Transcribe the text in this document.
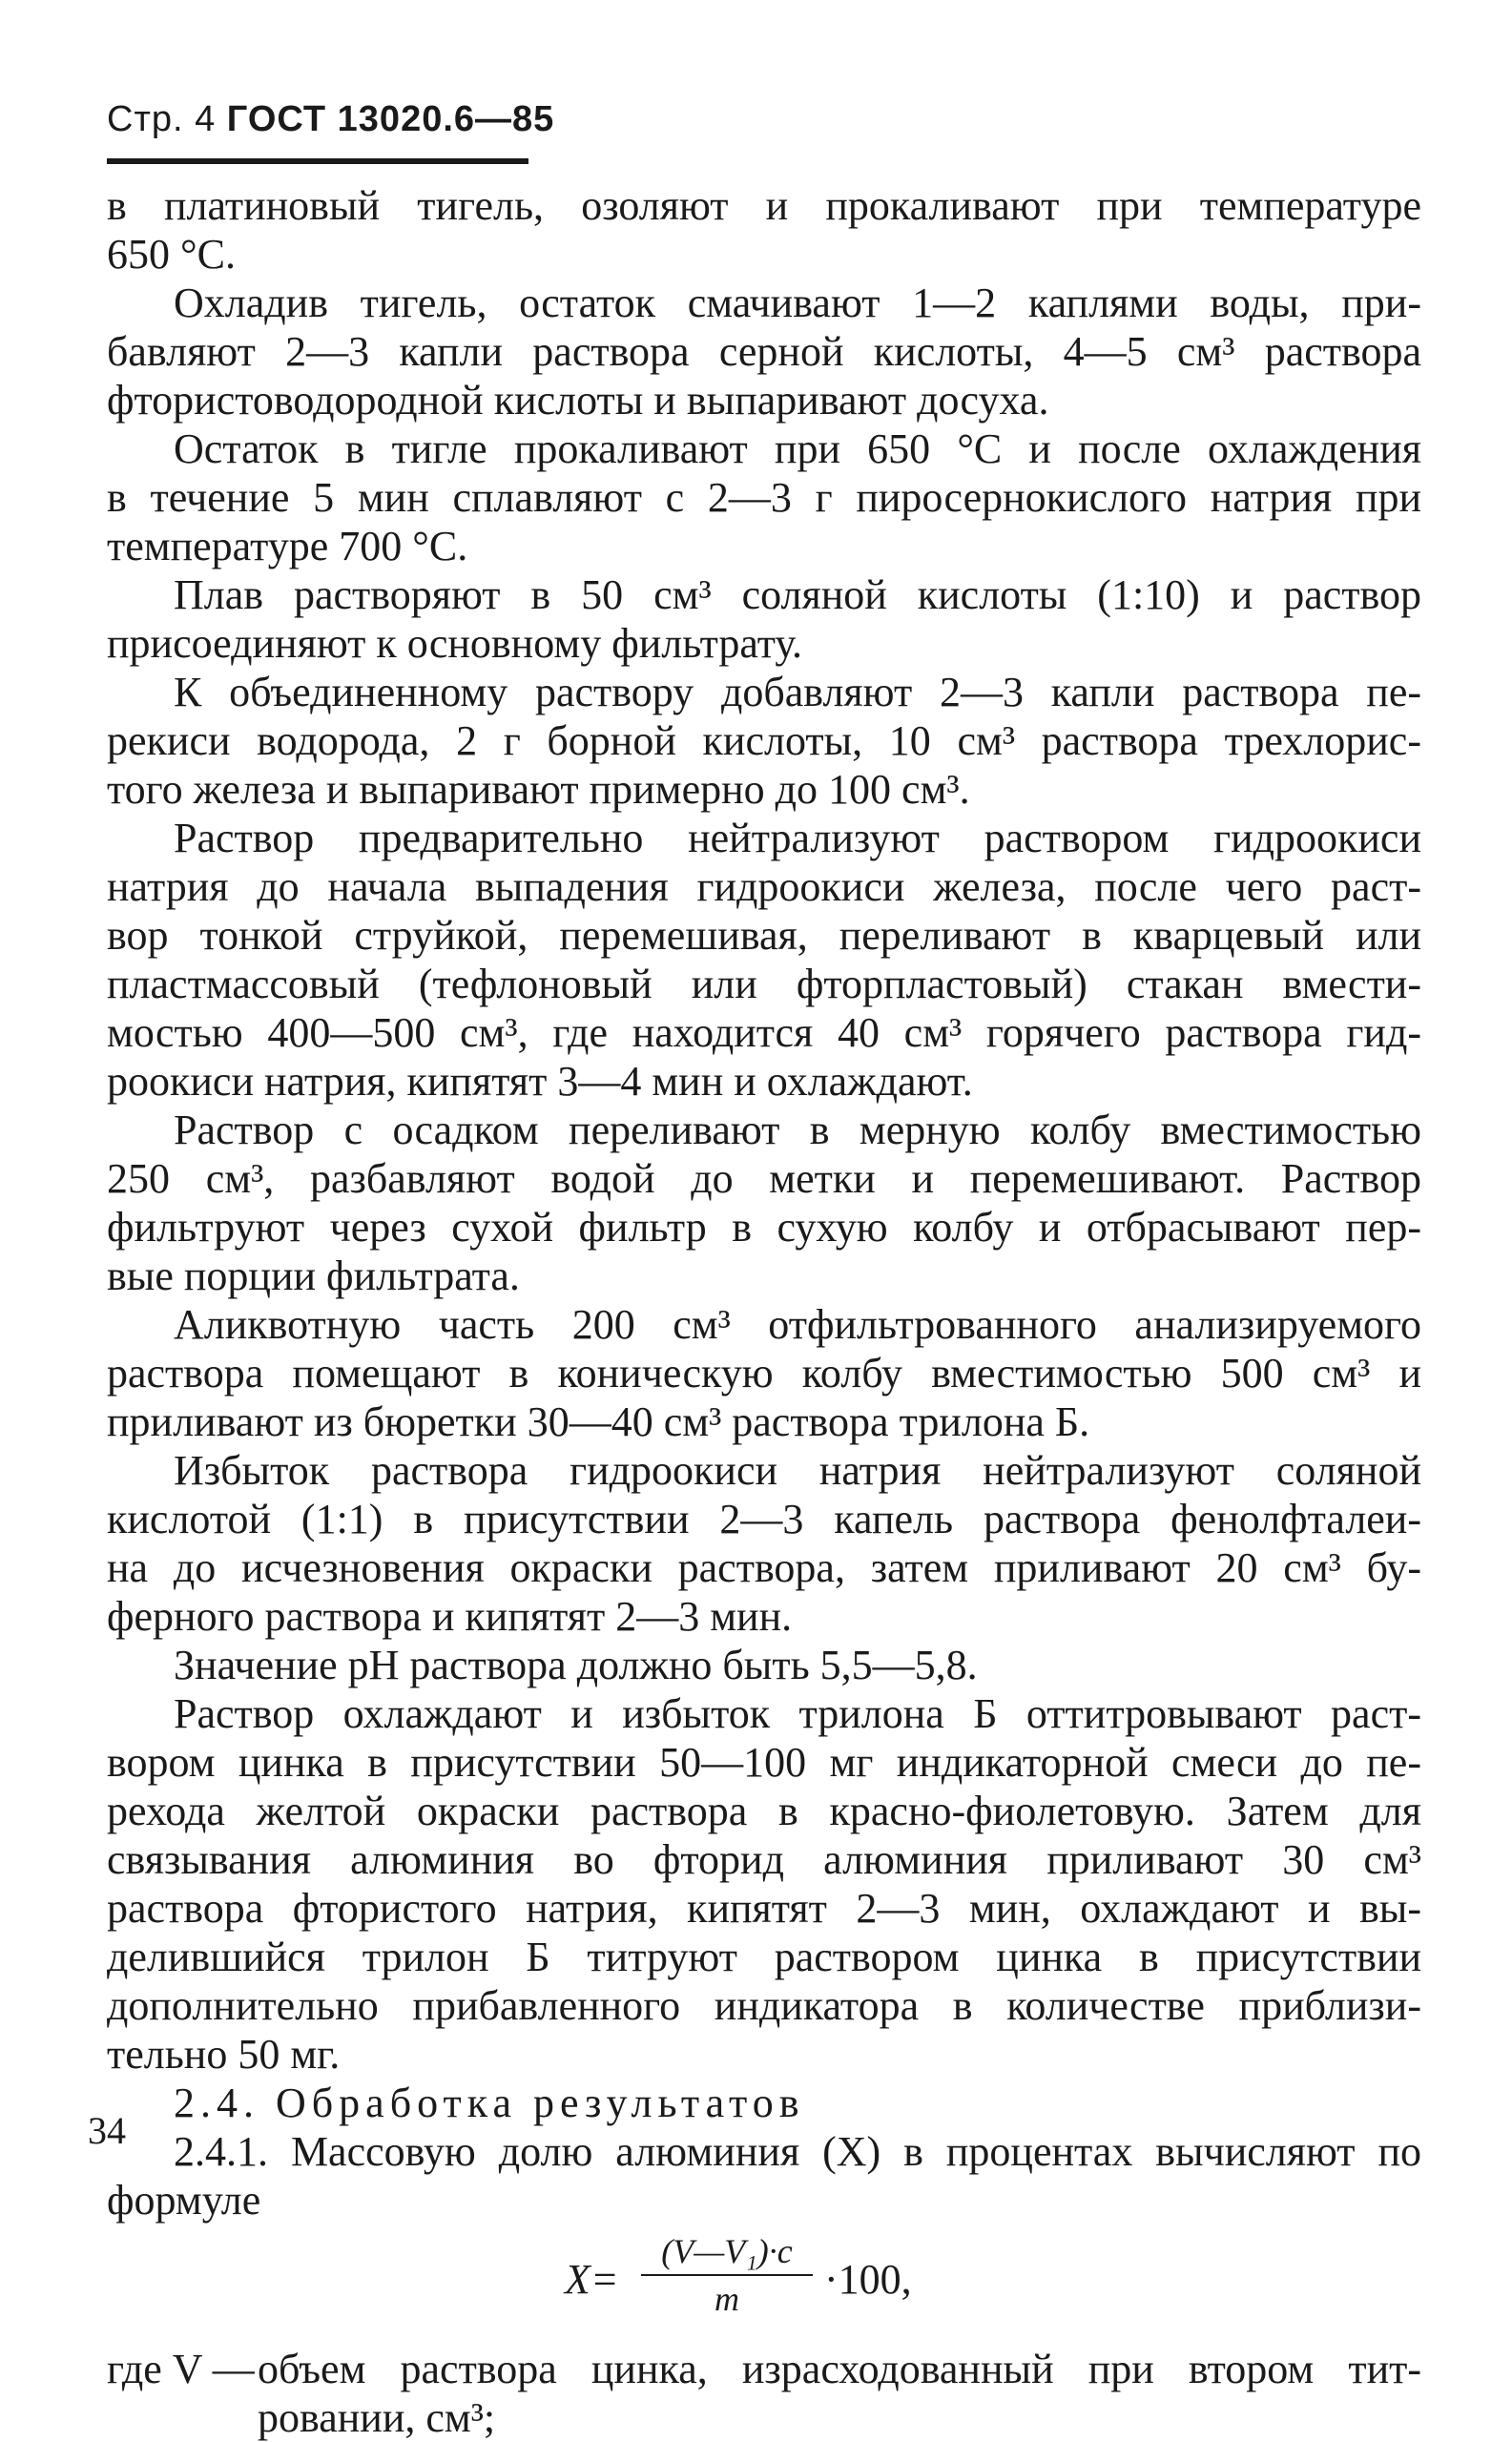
Стр. 4 ГОСТ 13020.6—85
в платиновый тигель, озоляют и прокаливают при температуре
650 °С.
Охладив тигель, остаток смачивают 1—2 каплями воды, при-
бавляют 2—3 капли раствора серной кислоты, 4—5 см³ раствора
фтористоводородной кислоты и выпаривают досуха.
Остаток в тигле прокаливают при 650 °С и после охлаждения
в течение 5 мин сплавляют с 2—3 г пиросернокислого натрия при
температуре 700 °С.
Плав растворяют в 50 см³ соляной кислоты (1:10) и раствор
присоединяют к основному фильтрату.
К объединенному раствору добавляют 2—3 капли раствора пе-
рекиси водорода, 2 г борной кислоты, 10 см³ раствора трехлорис-
того железа и выпаривают примерно до 100 см³.
Раствор предварительно нейтрализуют раствором гидроокиси
натрия до начала выпадения гидроокиси железа, после чего раст-
вор тонкой струйкой, перемешивая, переливают в кварцевый или
пластмассовый (тефлоновый или фторпластовый) стакан вмести-
мостью 400—500 см³, где находится 40 см³ горячего раствора гид-
роокиси натрия, кипятят 3—4 мин и охлаждают.
Раствор с осадком переливают в мерную колбу вместимостью
250 см³, разбавляют водой до метки и перемешивают. Раствор
фильтруют через сухой фильтр в сухую колбу и отбрасывают пер-
вые порции фильтрата.
Аликвотную часть 200 см³ отфильтрованного анализируемого
раствора помещают в коническую колбу вместимостью 500 см³ и
приливают из бюретки 30—40 см³ раствора трилона Б.
Избыток раствора гидроокиси натрия нейтрализуют соляной
кислотой (1:1) в присутствии 2—3 капель раствора фенолфталеи-
на до исчезновения окраски раствора, затем приливают 20 см³ бу-
ферного раствора и кипятят 2—3 мин.
Значение рН раствора должно быть 5,5—5,8.
Раствор охлаждают и избыток трилона Б оттитровывают раст-
вором цинка в присутствии 50—100 мг индикаторной смеси до пе-
рехода желтой окраски раствора в красно-фиолетовую. Затем для
связывания алюминия во фторид алюминия приливают 30 см³
раствора фтористого натрия, кипятят 2—3 мин, охлаждают и вы-
делившийся трилон Б титруют раствором цинка в присутствии
дополнительно прибавленного индикатора в количестве приблизи-
тельно 50 мг.

2.4. Обработка результатов

2.4.1. Массовую долю алюминия (X) в процентах вычисляют по
формуле
X=
(V—V₁)·c
m	·100,
где V — объем раствора цинка, израсходованный при втором тит-
ровании, см³;
34
